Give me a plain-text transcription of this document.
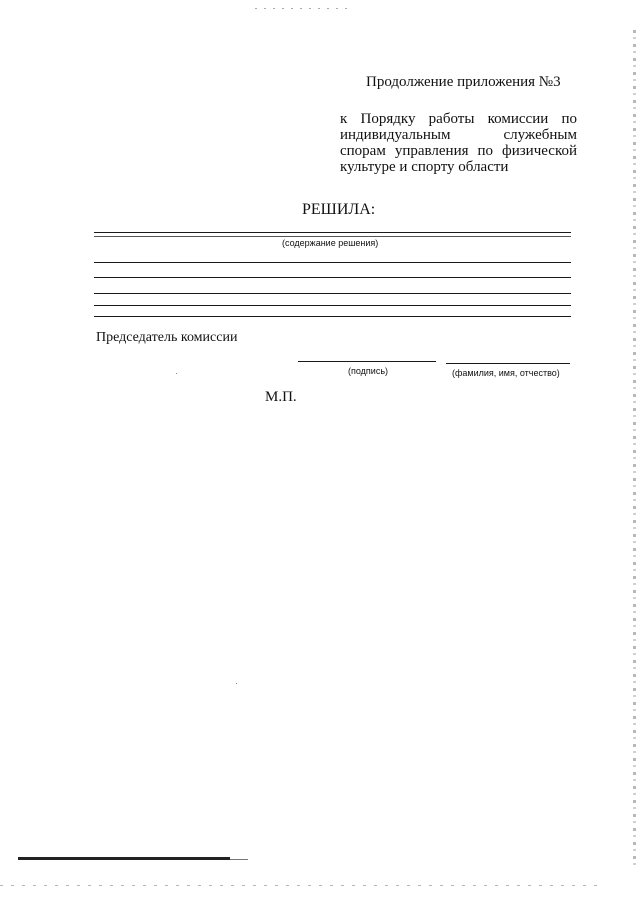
Продолжение приложения №3
к Порядку работы комиссии по индивидуальным служебным спорам управления по физической культуре и спорту области
РЕШИЛА:
(содержание решения)
Председатель комиссии
(подпись)	(фамилия, имя, отчество)
М.П.
